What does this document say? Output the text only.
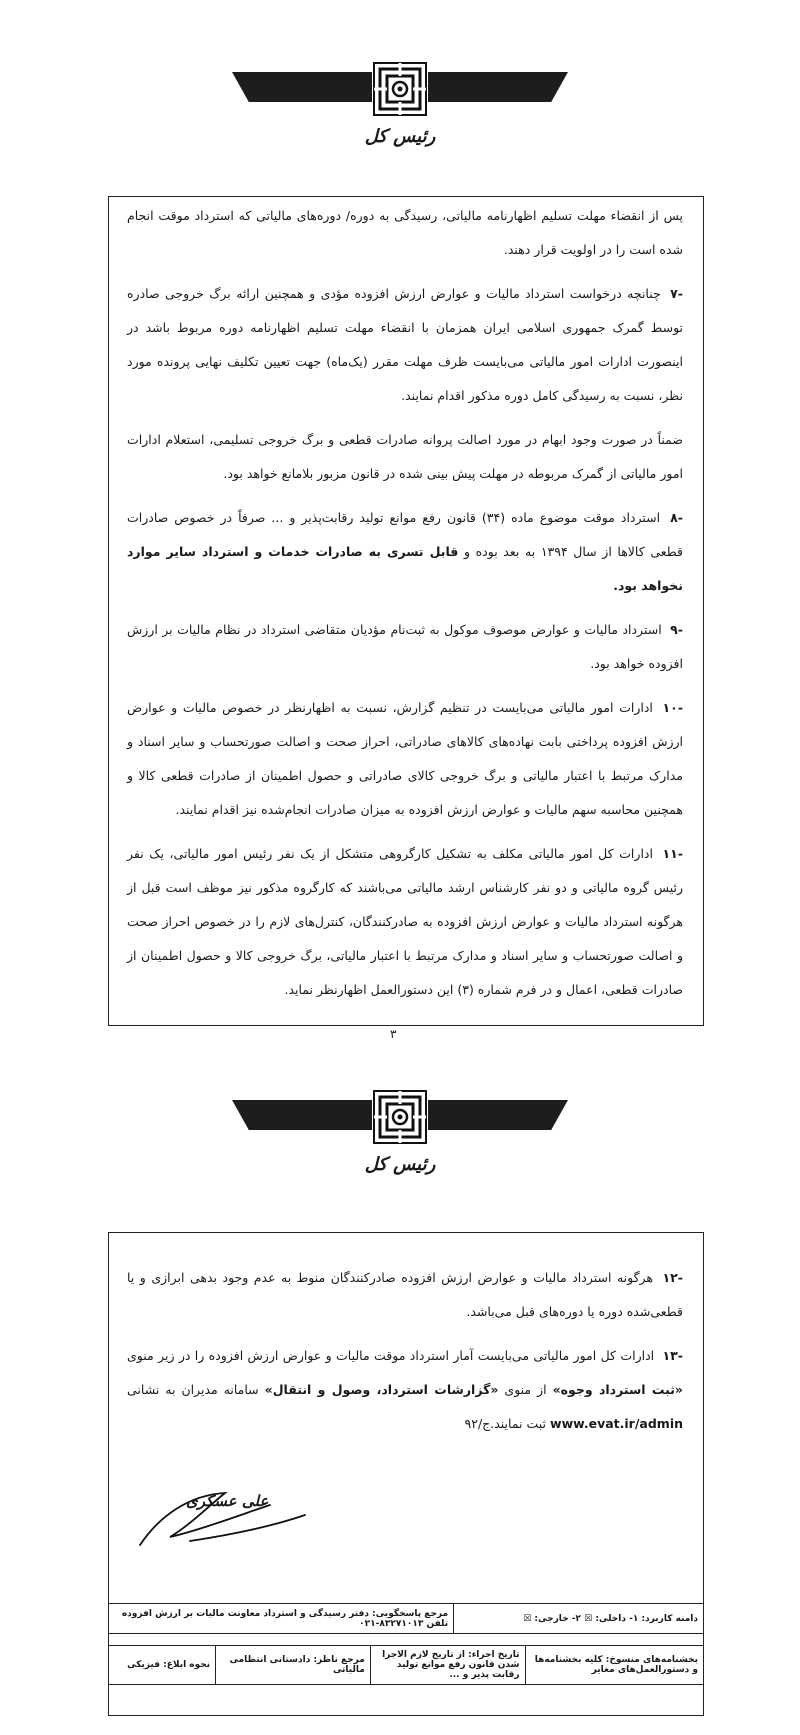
رئیس کل

پس از انقضاء مهلت تسلیم اظهارنامه مالیاتی، رسیدگی به دوره/ دوره‌های مالیاتی که استرداد موقت انجام شده است را در اولویت قرار دهند.

-۷ چنانچه درخواست استرداد مالیات و عوارض ارزش افزوده مؤدی و همچنین ارائه برگ خروجی صادره توسط گمرک جمهوری اسلامی ایران همزمان با انقضاء مهلت تسلیم اظهارنامه دوره مربوط باشد در اینصورت ادارات امور مالیاتی می‌بایست ظرف مهلت مقرر (یک‌ماه) جهت تعیین تکلیف نهایی پرونده مورد نظر، نسبت به رسیدگی کامل دوره مذکور اقدام نمایند.

ضمناً در صورت وجود ابهام در مورد اصالت پروانه صادرات قطعی و برگ خروجی تسلیمی، استعلام ادارات امور مالیاتی از گمرک مربوطه در مهلت پیش بینی شده در قانون مزبور بلامانع خواهد بود.

-۸ استرداد موقت موضوع ماده (۳۴) قانون رفع موانع تولید رقابت‌پذیر و ... صرفاً در خصوص صادرات قطعی کالاها از سال ۱۳۹۴ به بعد بوده و قابل تسری به صادرات خدمات و استرداد سایر موارد نخواهد بود.

-۹ استرداد مالیات و عوارض موصوف موکول به ثبت‌نام مؤدیان متقاضی استرداد در نظام مالیات بر ارزش افزوده خواهد بود.

-۱۰ ادارات امور مالیاتی می‌بایست در تنظیم گزارش، نسبت به اظهارنظر در خصوص مالیات و عوارض ارزش افزوده پرداختی بابت نهاده‌های کالاهای صادراتی، احراز صحت و اصالت صورتحساب و سایر اسناد و مدارک مرتبط با اعتبار مالیاتی و برگ خروجی کالای صادراتی و حصول اطمینان از صادرات قطعی کالا و همچنین محاسبه سهم مالیات و عوارض ارزش افزوده به میزان صادرات انجام‌شده نیز اقدام نمایند.

-۱۱ ادارات کل امور مالیاتی مکلف به تشکیل کارگروهی متشکل از یک نفر رئیس امور مالیاتی، یک نفر رئیس گروه مالیاتی و دو نفر کارشناس ارشد مالیاتی می‌باشند که کارگروه مذکور نیز موظف است قبل از هرگونه استرداد مالیات و عوارض ارزش افزوده به صادرکنندگان، کنترل‌های لازم را در خصوص احراز صحت و اصالت صورتحساب و سایر اسناد و مدارک مرتبط با اعتبار مالیاتی، برگ خروجی کالا و حصول اطمینان از صادرات قطعی، اعمال و در فرم شماره (۳) این دستورالعمل اظهارنظر نماید.

۳
رئیس کل

-۱۲ هرگونه استرداد مالیات و عوارض ارزش افزوده صادرکنندگان منوط به عدم وجود بدهی ابرازی و یا قطعی‌شده دوره یا دوره‌های قبل می‌باشد.

-۱۳ ادارات کل امور مالیاتی می‌بایست آمار استرداد موقت مالیات و عوارض ارزش افزوده را در زیر منوی «ثبت استرداد وجوه» از منوی «گزارشات استرداد، وصول و انتقال» سامانه مدیران به نشانی www.evat.ir/admin ثبت نمایند.ج/۹۲

علی عسکری
دامنه کاربرد: ۱- داخلی: ☒ ۲- خارجی: ☒	مرجع پاسخگویی: دفتر رسیدگی و استرداد معاونت مالیات بر ارزش افزوده تلفن ۸۳۲۷۱۰۱۳-۰۲۱
بخشنامه‌های منسوخ: کلیه بخشنامه‌ها و دستورالعمل‌های مغایر	تاریخ اجراء: از تاریخ لازم الاجرا شدن قانون رفع موانع تولید رقابت پذیر و ...	مرجع ناظر: دادستانی انتظامی مالیاتی	نحوه ابلاغ: فیزیکی
